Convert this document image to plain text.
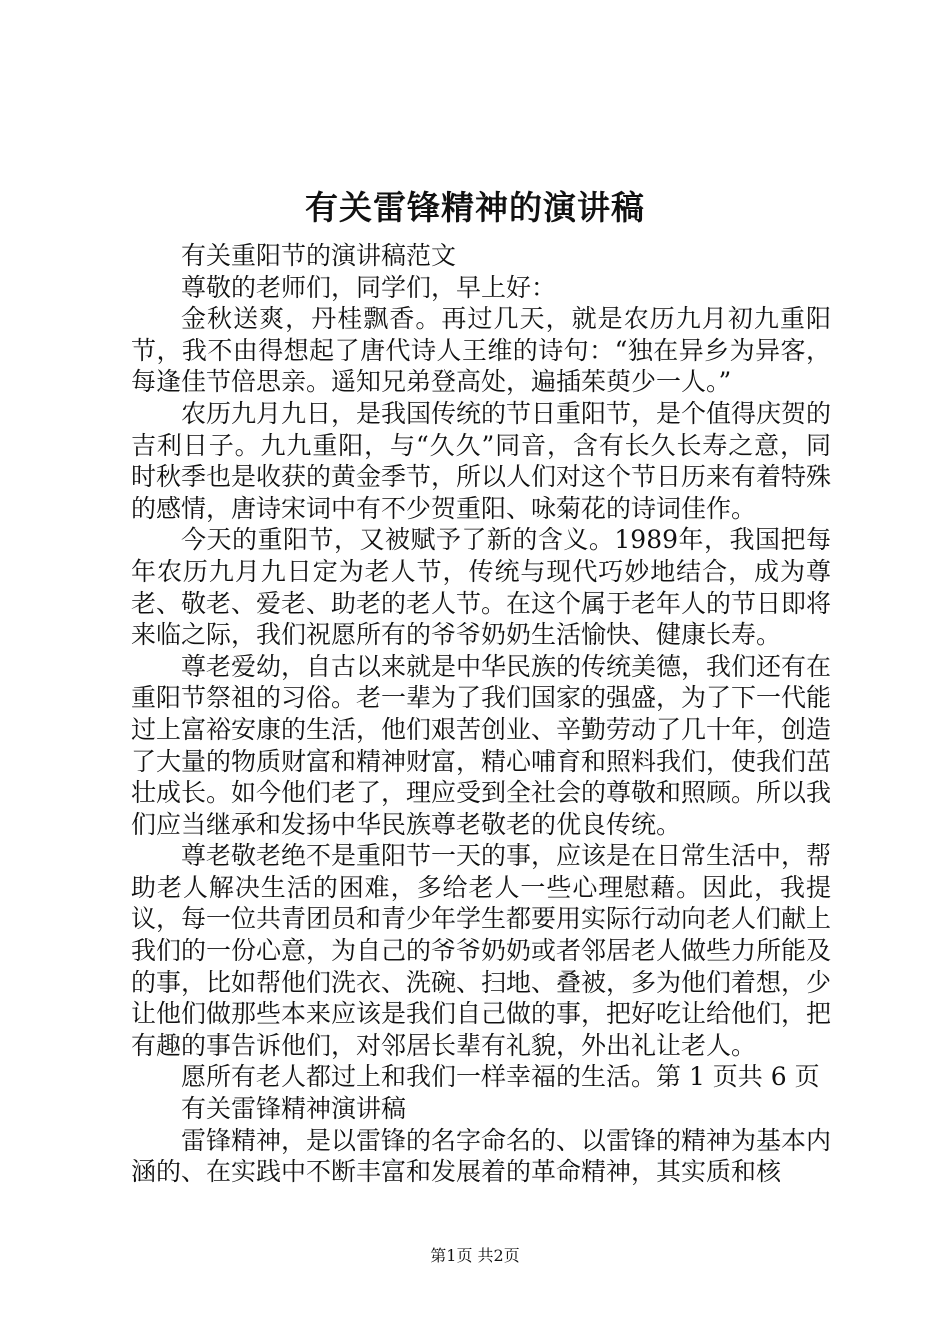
有关雷锋精神的演讲稿

有关重阳节的演讲稿范文

尊敬的老师们，同学们，早上好：

金秋送爽，丹桂飘香。再过几天，就是农历九月初九重阳节，我不由得想起了唐代诗人王维的诗句：“独在异乡为异客，每逢佳节倍思亲。遥知兄弟登高处，遍插茱萸少一人。”

农历九月九日，是我国传统的节日重阳节，是个值得庆贺的吉利日子。九九重阳，与“久久”同音，含有长久长寿之意，同时秋季也是收获的黄金季节，所以人们对这个节日历来有着特殊的感情，唐诗宋词中有不少贺重阳、咏菊花的诗词佳作。

今天的重阳节，又被赋予了新的含义。1989年，我国把每年农历九月九日定为老人节，传统与现代巧妙地结合，成为尊老、敬老、爱老、助老的老人节。在这个属于老年人的节日即将来临之际，我们祝愿所有的爷爷奶奶生活愉快、健康长寿。

尊老爱幼，自古以来就是中华民族的传统美德，我们还有在重阳节祭祖的习俗。老一辈为了我们国家的强盛，为了下一代能过上富裕安康的生活，他们艰苦创业、辛勤劳动了几十年，创造了大量的物质财富和精神财富，精心哺育和照料我们，使我们茁壮成长。如今他们老了，理应受到全社会的尊敬和照顾。所以我们应当继承和发扬中华民族尊老敬老的优良传统。

尊老敬老绝不是重阳节一天的事，应该是在日常生活中，帮助老人解决生活的困难，多给老人一些心理慰藉。因此，我提议，每一位共青团员和青少年学生都要用实际行动向老人们献上我们的一份心意，为自己的爷爷奶奶或者邻居老人做些力所能及的事，比如帮他们洗衣、洗碗、扫地、叠被，多为他们着想，少让他们做那些本来应该是我们自己做的事，把好吃让给他们，把有趣的事告诉他们，对邻居长辈有礼貌，外出礼让老人。

愿所有老人都过上和我们一样幸福的生活。第 1 页共 6 页

有关雷锋精神演讲稿

雷锋精神，是以雷锋的名字命名的、以雷锋的精神为基本内涵的、在实践中不断丰富和发展着的革命精神，其实质和核

第1页 共2页
